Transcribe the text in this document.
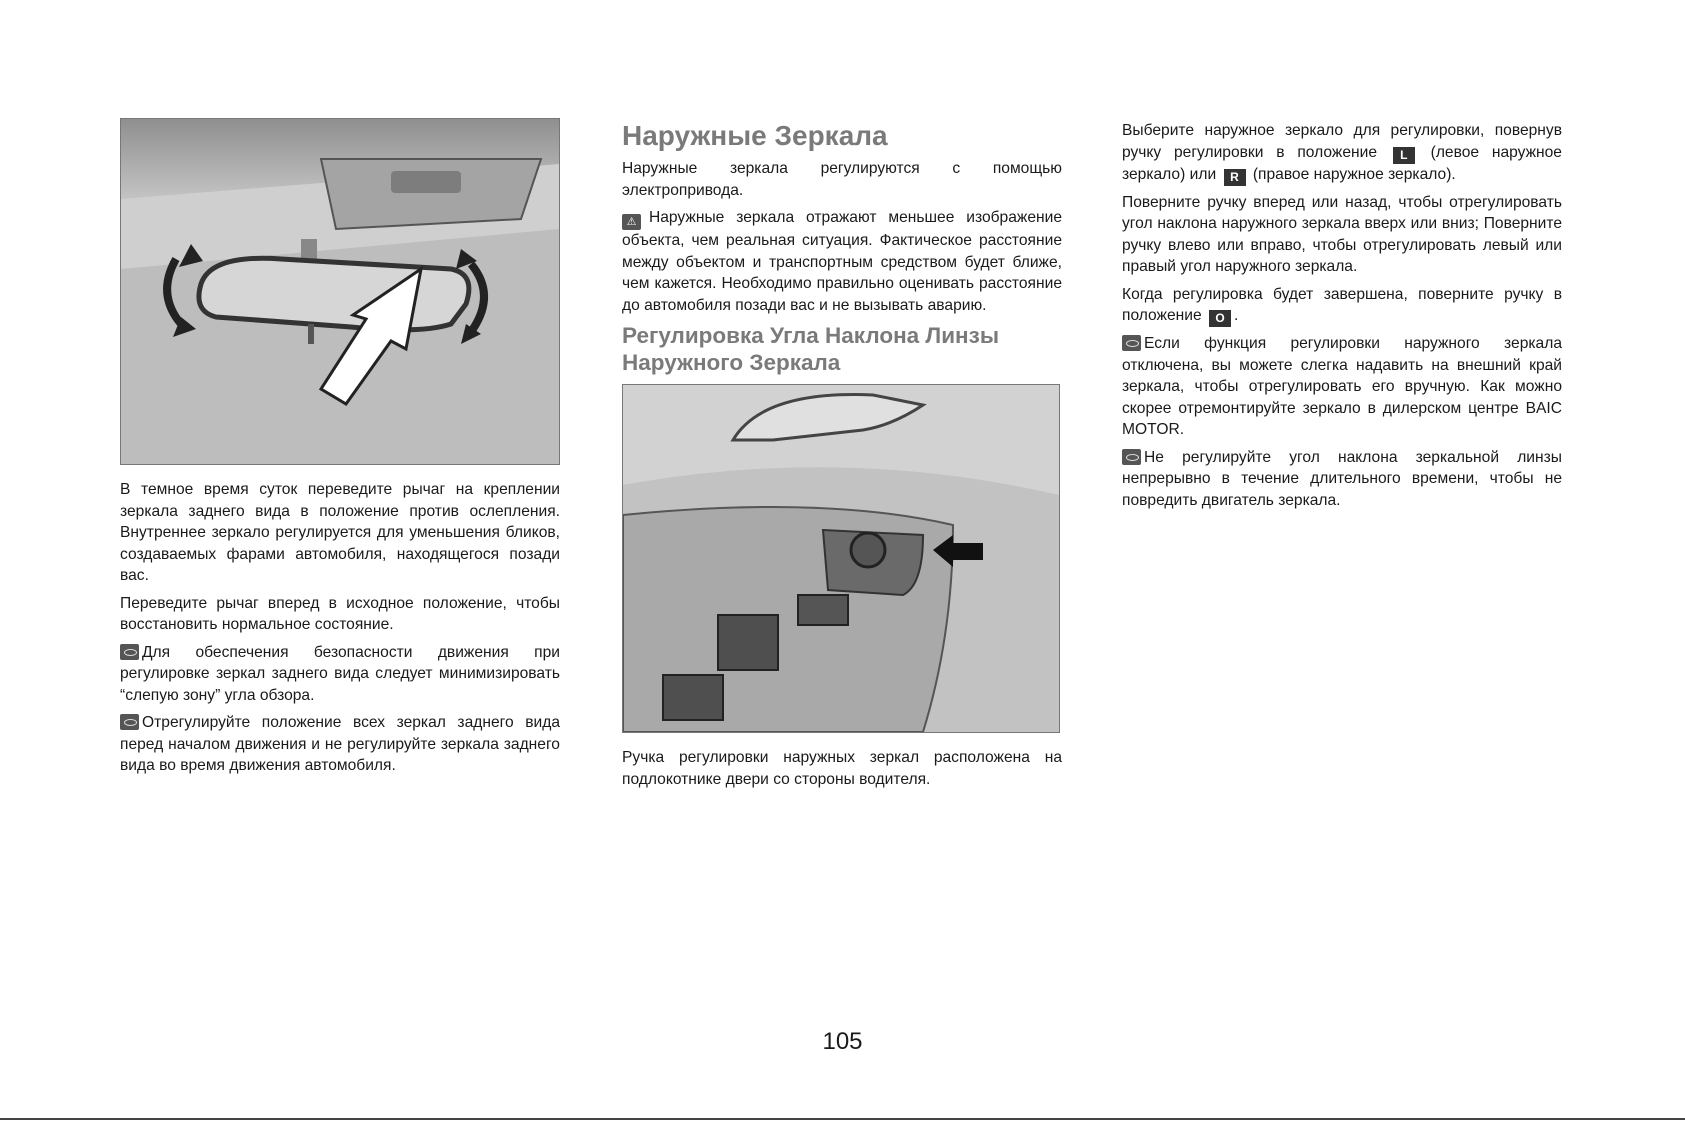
В темное время суток переведите рычаг на креплении зеркала заднего вида в положение против ослепления. Внутреннее зеркало регулируется для уменьшения бликов, создаваемых фарами автомобиля, находящегося позади вас.

Переведите рычаг вперед в исходное положение, чтобы восстановить нормальное состояние.

Для обеспечения безопасности движения при регулировке зеркал заднего вида следует минимизировать “слепую зону” угла обзора.

Отрегулируйте положение всех зеркал заднего вида перед началом движения и не регулируйте зеркала заднего вида во время движения автомобиля.

Наружные Зеркала

Наружные зеркала регулируются с помощью электропривода.

⚠ Наружные зеркала отражают меньшее изображение объекта, чем реальная ситуация. Фактическое расстояние между объектом и транспортным средством будет ближе, чем кажется. Необходимо правильно оценивать расстояние до автомобиля позади вас и не вызывать аварию.

Регулировка Угла Наклона Линзы Наружного Зеркала

Ручка регулировки наружных зеркал расположена на подлокотнике двери со стороны водителя.

Выберите наружное зеркало для регулировки, повернув ручку регулировки в положение L (левое наружное зеркало) или R (правое наружное зеркало).

Поверните ручку вперед или назад, чтобы отрегулировать угол наклона наружного зеркала вверх или вниз; Поверните ручку влево или вправо, чтобы отрегулировать левый или правый угол наружного зеркала.

Когда регулировка будет завершена, поверните ручку в положение O .

Если функция регулировки наружного зеркала отключена, вы можете слегка надавить на внешний край зеркала, чтобы отрегулировать его вручную. Как можно скорее отремонтируйте зеркало в дилерском центре BAIC MOTOR.

Не регулируйте угол наклона зеркальной линзы непрерывно в течение длительного времени, чтобы не повредить двигатель зеркала.

105
